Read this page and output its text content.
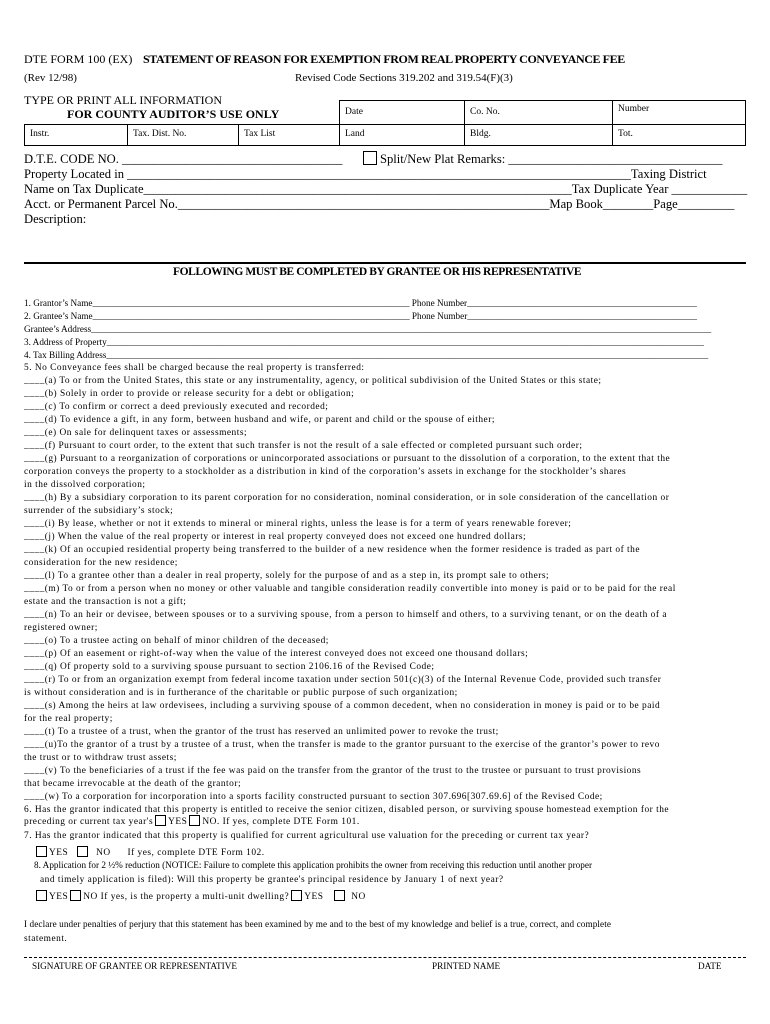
DTE FORM 100 (EX) STATEMENT OF REASON FOR EXEMPTION FROM REAL PROPERTY CONVEYANCE FEE
(Rev 12/98)	Revised Code Sections 319.202 and 319.54(F)(3)
TYPE OR PRINT ALL INFORMATION
FOR COUNTY AUDITOR’S USE ONLY	Date	Co. No.	Number
Instr.	Tax. Dist. No.	Tax List	Land	Bldg.	Tot.
D.T.E. CODE NO. ___________________________________	Split/New Plat Remarks: __________________________________
Property Located in ________________________________________________________________________________Taxing District
Name on Tax Duplicate____________________________________________________________________Tax Duplicate Year ____________
Acct. or Permanent Parcel No.___________________________________________________________Map Book________Page_________
Description:
FOLLOWING MUST BE COMPLETED BY GRANTEE OR HIS REPRESENTATIVE
1. Grantor’s Name_____________________________________________________________________ Phone Number__________________________________________________
2. Grantee’s Name_____________________________________________________________________ Phone Number__________________________________________________
Grantee’s Address_______________________________________________________________________________________________________________________________________
3. Address of Property__________________________________________________________________________________________________________________________________
4. Tax Billing Address___________________________________________________________________________________________________________________________________
5. No Conveyance fees shall be charged because the real property is transferred:
____(a) To or from the United States, this state or any instrumentality, agency, or political subdivision of the United States or this state;
____(b) Solely in order to provide or release security for a debt or obligation;
____(c) To confirm or correct a deed previously executed and recorded;
____(d) To evidence a gift, in any form, between husband and wife, or parent and child or the spouse of either;
____(e) On sale for delinquent taxes or assessments;
____(f) Pursuant to court order, to the extent that such transfer is not the result of a sale effected or completed pursuant such order;
____(g) Pursuant to a reorganization of corporations or unincorporated associations or pursuant to the dissolution of a corporation, to the extent that the
corporation conveys the property to a stockholder as a distribution in kind of the corporation’s assets in exchange for the stockholder’s shares
in the dissolved corporation;
____(h) By a subsidiary corporation to its parent corporation for no consideration, nominal consideration, or in sole consideration of the cancellation or
surrender of the subsidiary’s stock;
____(i) By lease, whether or not it extends to mineral or mineral rights, unless the lease is for a term of years renewable forever;
____(j) When the value of the real property or interest in real property conveyed does not exceed one hundred dollars;
____(k) Of an occupied residential property being transferred to the builder of a new residence when the former residence is traded as part of the
consideration for the new residence;
____(l) To a grantee other than a dealer in real property, solely for the purpose of and as a step in, its prompt sale to others;
____(m) To or from a person when no money or other valuable and tangible consideration readily convertible into money is paid or to be paid for the real
estate and the transaction is not a gift;
____(n) To an heir or devisee, between spouses or to a surviving spouse, from a person to himself and others, to a surviving tenant, or on the death of a
registered owner;
____(o) To a trustee acting on behalf of minor children of the deceased;
____(p) Of an easement or right-of-way when the value of the interest conveyed does not exceed one thousand dollars;
____(q) Of property sold to a surviving spouse pursuant to section 2106.16 of the Revised Code;
____(r) To or from an organization exempt from federal income taxation under section 501(c)(3) of the Internal Revenue Code, provided such transfer
is without consideration and is in furtherance of the charitable or public purpose of such organization;
____(s) Among the heirs at law ordevisees, including a surviving spouse of a common decedent, when no consideration in money is paid or to be paid
for the real property;
____(t) To a trustee of a trust, when the grantor of the trust has reserved an unlimited power to revoke the trust;
____(u)To the grantor of a trust by a trustee of a trust, when the transfer is made to the grantor pursuant to the exercise of the grantor’s power to revo
the trust or to withdraw trust assets;
____(v) To the beneficiaries of a trust if the fee was paid on the transfer from the grantor of the trust to the trustee or pursuant to trust provisions
that became irrevocable at the death of the grantor;
____(w) To a corporation for incorporation into a sports facility constructed pursuant to section 307.696[307.69.6] of the Revised Code;
6. Has the grantor indicated that this property is entitled to receive the senior citizen, disabled person, or surviving spouse homestead exemption for the
preceding or current tax year's YES NO. If yes, complete DTE Form 101.
7. Has the grantor indicated that this property is qualified for current agricultural use valuation for the preceding or current tax year?
YES	NO If yes, complete DTE Form 102.
8. Application for 2 ½% reduction (NOTICE: Failure to complete this application prohibits the owner from receiving this reduction until another proper
and timely application is filed): Will this property be grantee's principal residence by January 1 of next year?
YES NO If yes, is the property a multi-unit dwelling? YES	NO
I declare under penalties of perjury that this statement has been examined by me and to the best of my knowledge and belief is a true, correct, and complete
statement.
SIGNATURE OF GRANTEE OR REPRESENTATIVE	PRINTED NAME	DATE
